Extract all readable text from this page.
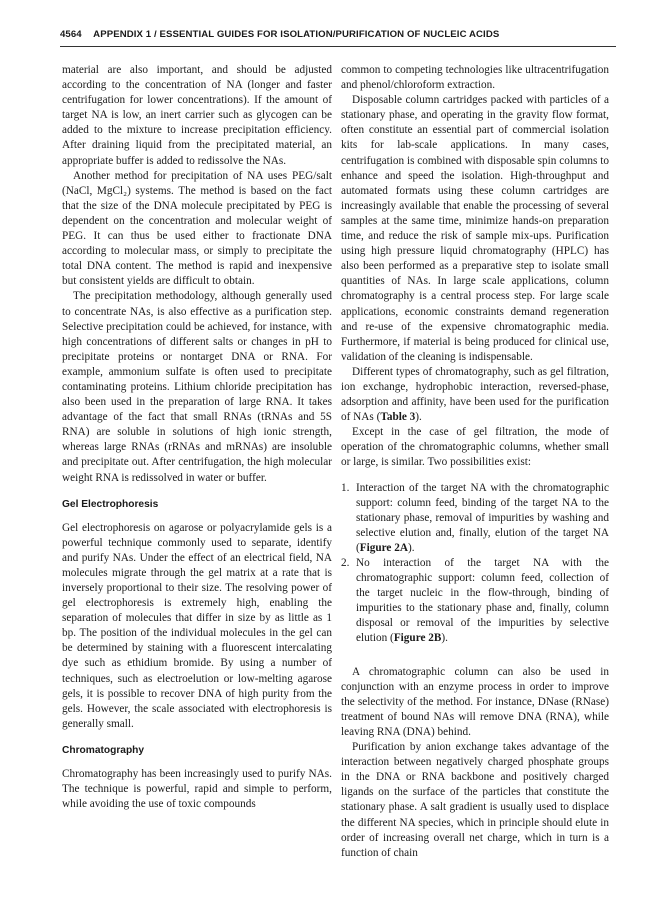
4564 APPENDIX 1 / ESSENTIAL GUIDES FOR ISOLATION/PURIFICATION OF NUCLEIC ACIDS

material are also important, and should be adjusted according to the concentration of NA (longer and faster centrifugation for lower concentrations). If the amount of target NA is low, an inert carrier such as glycogen can be added to the mixture to increase precipitation efficiency. After draining liquid from the precipitated material, an appropriate buffer is added to redissolve the NAs.

Another method for precipitation of NA uses PEG/salt (NaCl, MgCl₂) systems. The method is based on the fact that the size of the DNA molecule precipitated by PEG is dependent on the concentration and molecular weight of PEG. It can thus be used either to fractionate DNA according to molecular mass, or simply to precipitate the total DNA content. The method is rapid and inexpensive but consistent yields are difficult to obtain.

The precipitation methodology, although generally used to concentrate NAs, is also effective as a purification step. Selective precipitation could be achieved, for instance, with high concentrations of different salts or changes in pH to precipitate proteins or nontarget DNA or RNA. For example, ammonium sulfate is often used to precipitate contaminating proteins. Lithium chloride precipitation has also been used in the preparation of large RNA. It takes advantage of the fact that small RNAs (tRNAs and 5S RNA) are soluble in solutions of high ionic strength, whereas large RNAs (rRNAs and mRNAs) are insoluble and precipitate out. After centrifugation, the high molecular weight RNA is redissolved in water or buffer.

Gel Electrophoresis

Gel electrophoresis on agarose or polyacrylamide gels is a powerful technique commonly used to separate, identify and purify NAs. Under the effect of an electrical field, NA molecules migrate through the gel matrix at a rate that is inversely proportional to their size. The resolving power of gel electrophoresis is extremely high, enabling the separation of molecules that differ in size by as little as 1 bp. The position of the individual molecules in the gel can be determined by staining with a fluorescent intercalating dye such as ethidium bromide. By using a number of techniques, such as electroelution or low-melting agarose gels, it is possible to recover DNA of high purity from the gels. However, the scale associated with electrophoresis is generally small.

Chromatography

Chromatography has been increasingly used to purify NAs. The technique is powerful, rapid and simple to perform, while avoiding the use of toxic compounds

common to competing technologies like ultracentrifugation and phenol/chloroform extraction.

Disposable column cartridges packed with particles of a stationary phase, and operating in the gravity flow format, often constitute an essential part of commercial isolation kits for lab-scale applications. In many cases, centrifugation is combined with disposable spin columns to enhance and speed the isolation. High-throughput and automated formats using these column cartridges are increasingly available that enable the processing of several samples at the same time, minimize hands-on preparation time, and reduce the risk of sample mix-ups. Purification using high pressure liquid chromatography (HPLC) has also been performed as a preparative step to isolate small quantities of NAs. In large scale applications, column chromatography is a central process step. For large scale applications, economic constraints demand regeneration and re-use of the expensive chromatographic media. Furthermore, if material is being produced for clinical use, validation of the cleaning is indispensable.

Different types of chromatography, such as gel filtration, ion exchange, hydrophobic interaction, reversed-phase, adsorption and affinity, have been used for the purification of NAs (Table 3).

Except in the case of gel filtration, the mode of operation of the chromatographic columns, whether small or large, is similar. Two possibilities exist:

1. Interaction of the target NA with the chromatographic support: column feed, binding of the target NA to the stationary phase, removal of impurities by washing and selective elution and, finally, elution of the target NA (Figure 2A).
2. No interaction of the target NA with the chromatographic support: column feed, collection of the target nucleic in the flow-through, binding of impurities to the stationary phase and, finally, column disposal or removal of the impurities by selective elution (Figure 2B).

A chromatographic column can also be used in conjunction with an enzyme process in order to improve the selectivity of the method. For instance, DNase (RNase) treatment of bound NAs will remove DNA (RNA), while leaving RNA (DNA) behind.

Purification by anion exchange takes advantage of the interaction between negatively charged phosphate groups in the DNA or RNA backbone and positively charged ligands on the surface of the particles that constitute the stationary phase. A salt gradient is usually used to displace the different NA species, which in principle should elute in order of increasing overall net charge, which in turn is a function of chain
